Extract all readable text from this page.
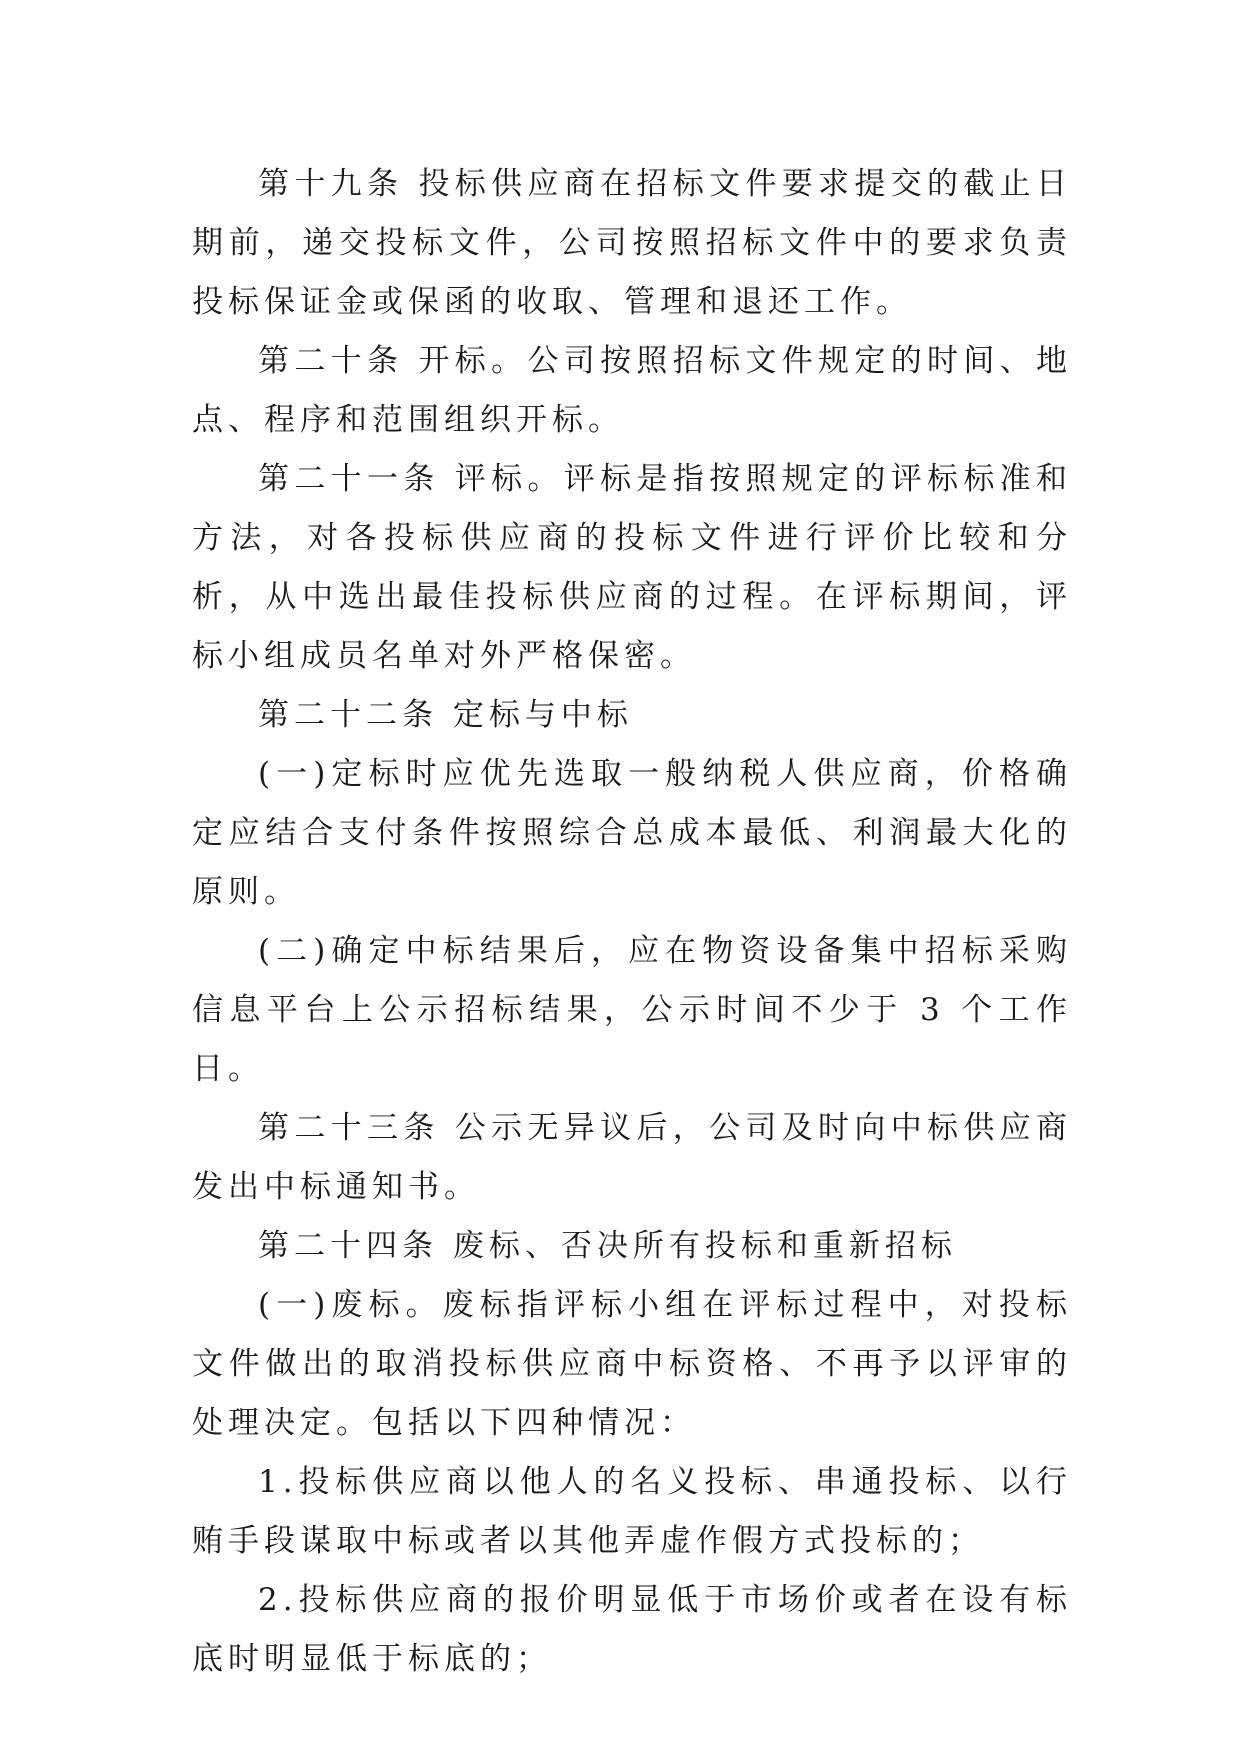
第十九条 投标供应商在招标文件要求提交的截止日期前，递交投标文件，公司按照招标文件中的要求负责投标保证金或保函的收取、管理和退还工作。

第二十条 开标。公司按照招标文件规定的时间、地点、程序和范围组织开标。

第二十一条 评标。评标是指按照规定的评标标准和方法，对各投标供应商的投标文件进行评价比较和分析，从中选出最佳投标供应商的过程。在评标期间，评标小组成员名单对外严格保密。

第二十二条 定标与中标

(一)定标时应优先选取一般纳税人供应商，价格确定应结合支付条件按照综合总成本最低、利润最大化的原则。

(二)确定中标结果后，应在物资设备集中招标采购信息平台上公示招标结果，公示时间不少于 3 个工作日。

第二十三条 公示无异议后，公司及时向中标供应商发出中标通知书。

第二十四条 废标、否决所有投标和重新招标

(一)废标。废标指评标小组在评标过程中，对投标文件做出的取消投标供应商中标资格、不再予以评审的处理决定。包括以下四种情况：

1.投标供应商以他人的名义投标、串通投标、以行贿手段谋取中标或者以其他弄虚作假方式投标的；

2.投标供应商的报价明显低于市场价或者在设有标底时明显低于标底的；
